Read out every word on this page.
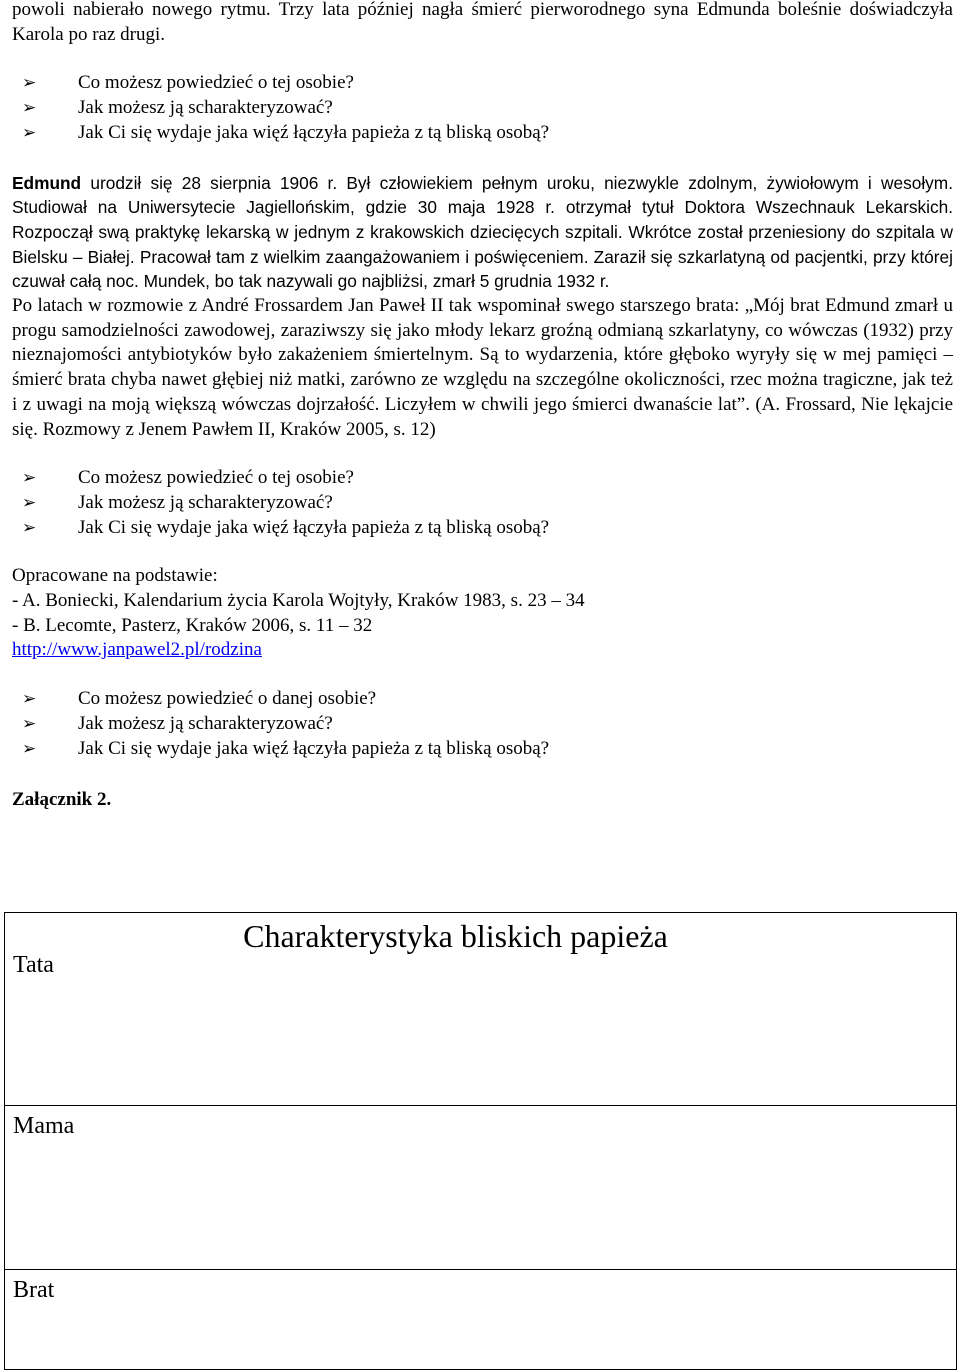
powoli nabierało nowego rytmu. Trzy lata później nagła śmierć pierworodnego syna Edmunda boleśnie doświadczyła Karola po raz drugi.

➢ Co możesz powiedzieć o tej osobie?
➢ Jak możesz ją scharakteryzować?
➢ Jak Ci się wydaje jaka więź łączyła papieża z tą bliską osobą?

Edmund urodził się 28 sierpnia 1906 r. Był człowiekiem pełnym uroku, niezwykle zdolnym, żywiołowym i wesołym. Studiował na Uniwersytecie Jagiellońskim, gdzie 30 maja 1928 r. otrzymał tytuł Doktora Wszechnauk Lekarskich. Rozpoczął swą praktykę lekarską w jednym z krakowskich dziecięcych szpitali. Wkrótce został przeniesiony do szpitala w Bielsku – Białej. Pracował tam z wielkim zaangażowaniem i poświęceniem. Zaraził się szkarlatyną od pacjentki, przy której czuwał całą noc. Mundek, bo tak nazywali go najbliżsi, zmarł 5 grudnia 1932 r.

Po latach w rozmowie z André Frossardem Jan Paweł II tak wspominał swego starszego brata: „Mój brat Edmund zmarł u progu samodzielności zawodowej, zaraziwszy się jako młody lekarz groźną odmianą szkarlatyny, co wówczas (1932) przy nieznajomości antybiotyków było zakażeniem śmiertelnym. Są to wydarzenia, które głęboko wyryły się w mej pamięci – śmierć brata chyba nawet głębiej niż matki, zarówno ze względu na szczególne okoliczności, rzec można tragiczne, jak też i z uwagi na moją większą wówczas dojrzałość. Liczyłem w chwili jego śmierci dwanaście lat”. (A. Frossard, Nie lękajcie się. Rozmowy z Jenem Pawłem II, Kraków 2005, s. 12)

➢ Co możesz powiedzieć o tej osobie?
➢ Jak możesz ją scharakteryzować?
➢ Jak Ci się wydaje jaka więź łączyła papieża z tą bliską osobą?
Opracowane na podstawie:
- A. Boniecki, Kalendarium życia Karola Wojtyły, Kraków 1983, s. 23 – 34
- B. Lecomte, Pasterz, Kraków 2006, s. 11 – 32
http://www.janpawel2.pl/rodzina
➢ Co możesz powiedzieć o danej osobie?
➢ Jak możesz ją scharakteryzować?
➢ Jak Ci się wydaje jaka więź łączyła papieża z tą bliską osobą?
Załącznik 2.
Charakterystyka bliskich papieża
Tata

Mama

Brat
